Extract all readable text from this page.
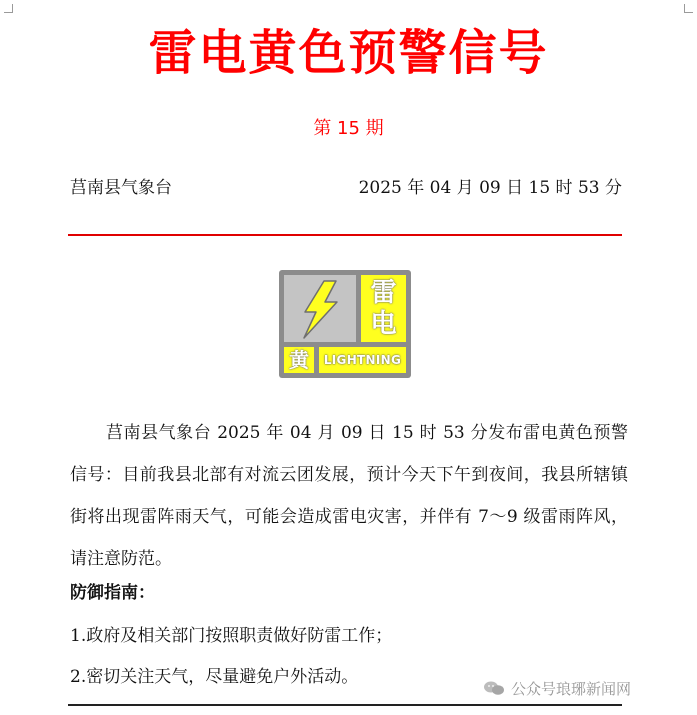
雷电黄色预警信号
第 15 期
莒南县气象台	2025 年 04 月 09 日 15 时 53 分
雷
电
黄	LIGHTNING
莒南县气象台 2025 年 04 月 09 日 15 时 53 分发布雷电黄色预警信号：目前我县北部有对流云团发展，预计今天下午到夜间，我县所辖镇街将出现雷阵雨天气，可能会造成雷电灾害，并伴有 7～9 级雷雨阵风，请注意防范。
防御指南：
1.政府及相关部门按照职责做好防雷工作；
2.密切关注天气，尽量避免户外活动。
公众号琅琊新闻网
